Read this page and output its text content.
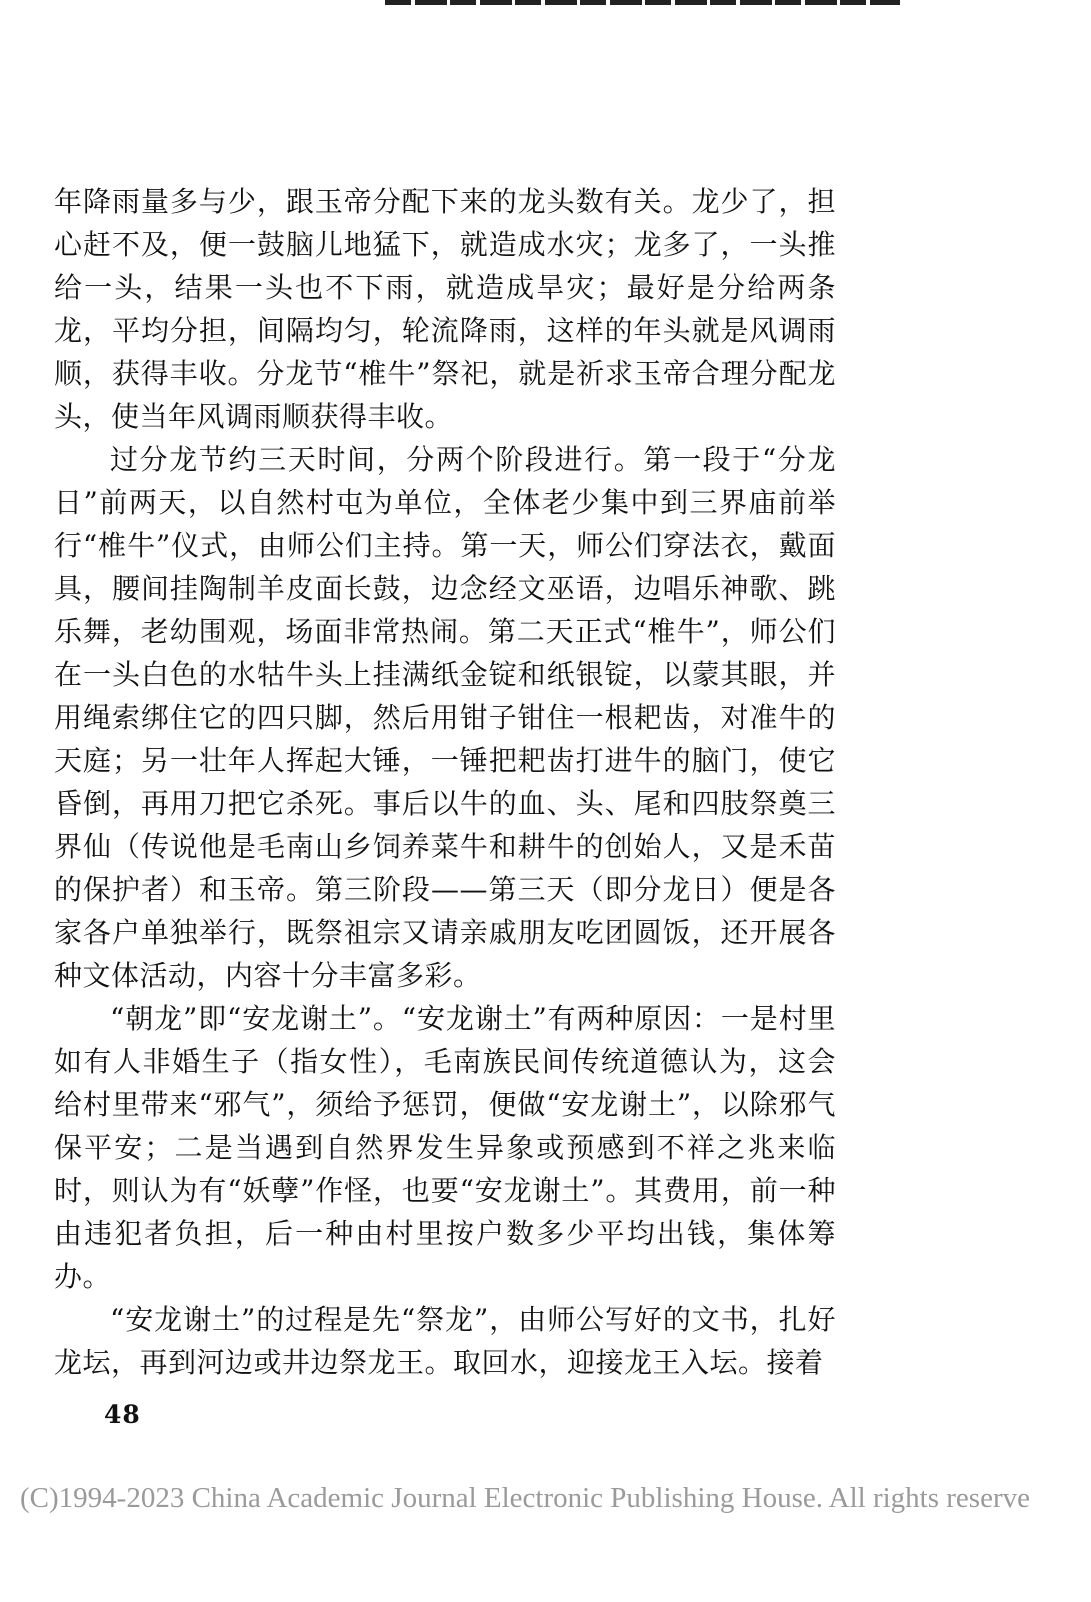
年降雨量多与少，跟玉帝分配下来的龙头数有关。龙少了，担心赶不及，便一鼓脑儿地猛下，就造成水灾；龙多了，一头推给一头，结果一头也不下雨，就造成旱灾；最好是分给两条龙，平均分担，间隔均匀，轮流降雨，这样的年头就是风调雨顺，获得丰收。分龙节“椎牛”祭祀，就是祈求玉帝合理分配龙头，使当年风调雨顺获得丰收。

过分龙节约三天时间，分两个阶段进行。第一段于“分龙日”前两天，以自然村屯为单位，全体老少集中到三界庙前举行“椎牛”仪式，由师公们主持。第一天，师公们穿法衣，戴面具，腰间挂陶制羊皮面长鼓，边念经文巫语，边唱乐神歌、跳乐舞，老幼围观，场面非常热闹。第二天正式“椎牛”，师公们在一头白色的水牯牛头上挂满纸金锭和纸银锭，以蒙其眼，并用绳索绑住它的四只脚，然后用钳子钳住一根耙齿，对准牛的天庭；另一壮年人挥起大锤，一锤把耙齿打进牛的脑门，使它昏倒，再用刀把它杀死。事后以牛的血、头、尾和四肢祭奠三界仙（传说他是毛南山乡饲养菜牛和耕牛的创始人，又是禾苗的保护者）和玉帝。第三阶段——第三天（即分龙日）便是各家各户单独举行，既祭祖宗又请亲戚朋友吃团圆饭，还开展各种文体活动，内容十分丰富多彩。

“朝龙”即“安龙谢土”。“安龙谢土”有两种原因：一是村里如有人非婚生子（指女性），毛南族民间传统道德认为，这会给村里带来“邪气”，须给予惩罚，便做“安龙谢土”，以除邪气保平安；二是当遇到自然界发生异象或预感到不祥之兆来临时，则认为有“妖孽”作怪，也要“安龙谢土”。其费用，前一种由违犯者负担，后一种由村里按户数多少平均出钱，集体筹办。

“安龙谢土”的过程是先“祭龙”，由师公写好的文书，扎好龙坛，再到河边或井边祭龙王。取回水，迎接龙王入坛。接着

48
(C)1994-2023 China Academic Journal Electronic Publishing House. All rights reserve
